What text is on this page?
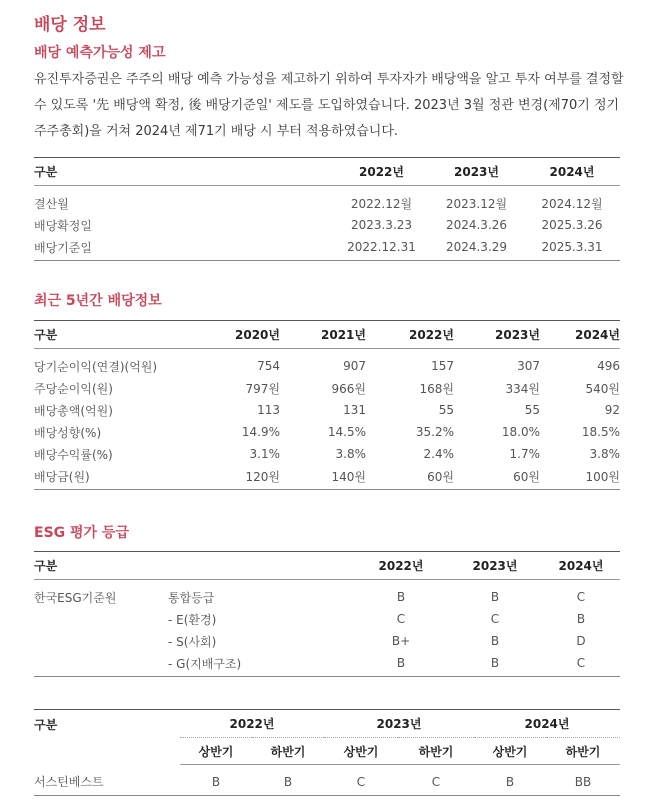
배당 정보
배당 예측가능성 제고

유진투자증권은 주주의 배당 예측 가능성을 제고하기 위하여 투자자가 배당액을 알고 투자 여부를 결정할 수 있도록 '先 배당액 확정, 後 배당기준일' 제도를 도입하였습니다. 2023년 3월 정관 변경(제70기 정기주주총회)을 거쳐 2024년 제71기 배당 시 부터 적용하였습니다.

구분	2022년	2023년	2024년
결산월	2022.12월	2023.12월	2024.12월
배당확정일	2023.3.23	2024.3.26	2025.3.26
배당기준일	2022.12.31	2024.3.29	2025.3.31
최근 5년간 배당정보
구분	2020년	2021년	2022년	2023년	2024년
당기순이익(연결)(억원)	754	907	157	307	496
주당순이익(원)	797원	966원	168원	334원	540원
배당총액(억원)	113	131	55	55	92
배당성향(%)	14.9%	14.5%	35.2%	18.0%	18.5%
배당수익률(%)	3.1%	3.8%	2.4%	1.7%	3.8%
배당금(원)	120원	140원	60원	60원	100원
ESG 평가 등급
구분		2022년	2023년	2024년
한국ESG기준원	통합등급	B	B	C
	- E(환경)	C	C	B
	- S(사회)	B+	B	D
	- G(지배구조)	B	B	C
구분	2022년		2023년		2024년	
	상반기	하반기	상반기	하반기	상반기	하반기
서스틴베스트	B	B	C	C	B	BB
